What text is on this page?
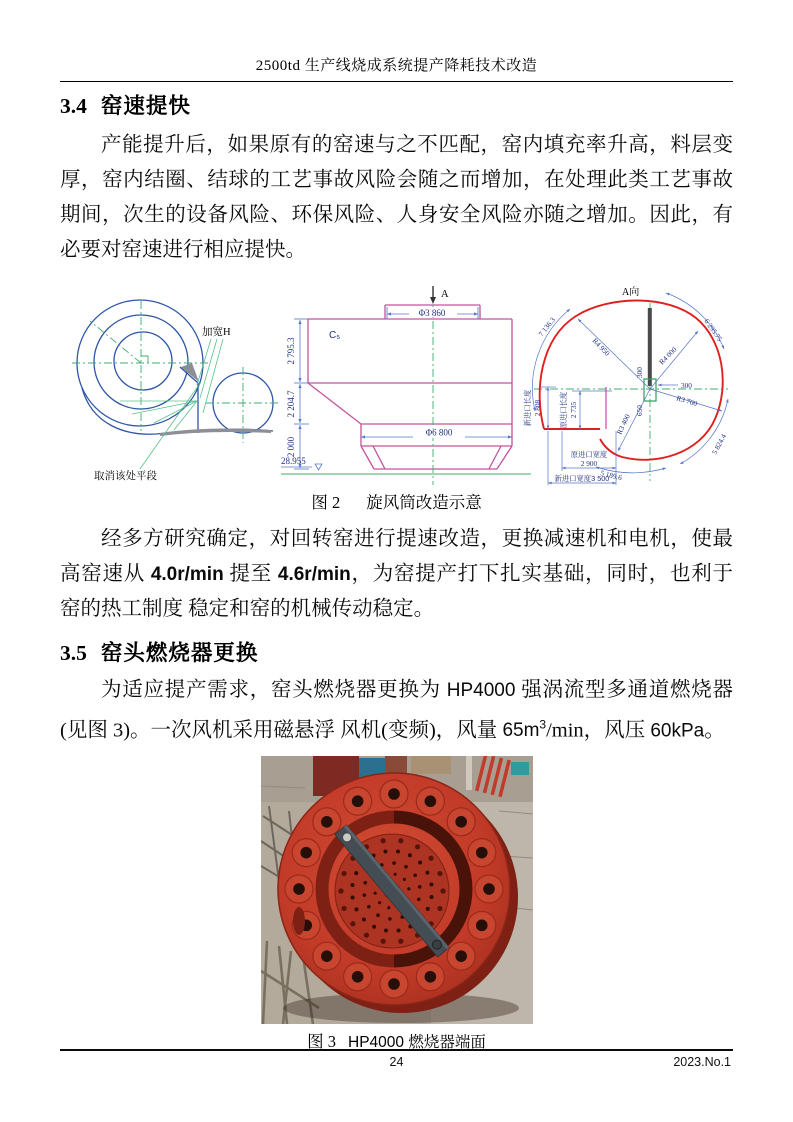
2500td 生产线烧成系统提产降耗技术改造
3.4 窑速提快

产能提升后，如果原有的窑速与之不匹配，窑内填充率升高，料层变厚，窑内结圈、结球的工艺事故风险会随之而增加，在处理此类工艺事故期间，次生的设备风险、环保风险、人身安全风险亦随之增加。因此，有必要对窑速进行相应提快。

加宽H
取消该处平段
A
C₅
Φ3 860
Φ6 800
2 795.3
2 204.7
2 000
28.955
A向
7 136.3	6 295.75
5 824.4
5 189.6
R4 950	R4 000
R3 700
R3 400
300
300
650
新进口长度 2 808 原进口长度 2 735
原进口宽度
2 900
新进口宽度3 500
图 2 旋风筒改造示意

经多方研究确定，对回转窑进行提速改造，更换减速机和电机，使最高窑速从 4.0r/min 提至 4.6r/min，为窑提产打下扎实基础，同时，也利于窑的热工制度 稳定和窑的机械传动稳定。

3.5 窑头燃烧器更换

为适应提产需求，窑头燃烧器更换为 HP4000 强涡流型多通道燃烧器(见图 3)。一次风机采用磁悬浮 风机(变频)，风量 $65m^3/\min$，风压 60kPa。

图 3 HP4000 燃烧器端面
24	2023.No.1
